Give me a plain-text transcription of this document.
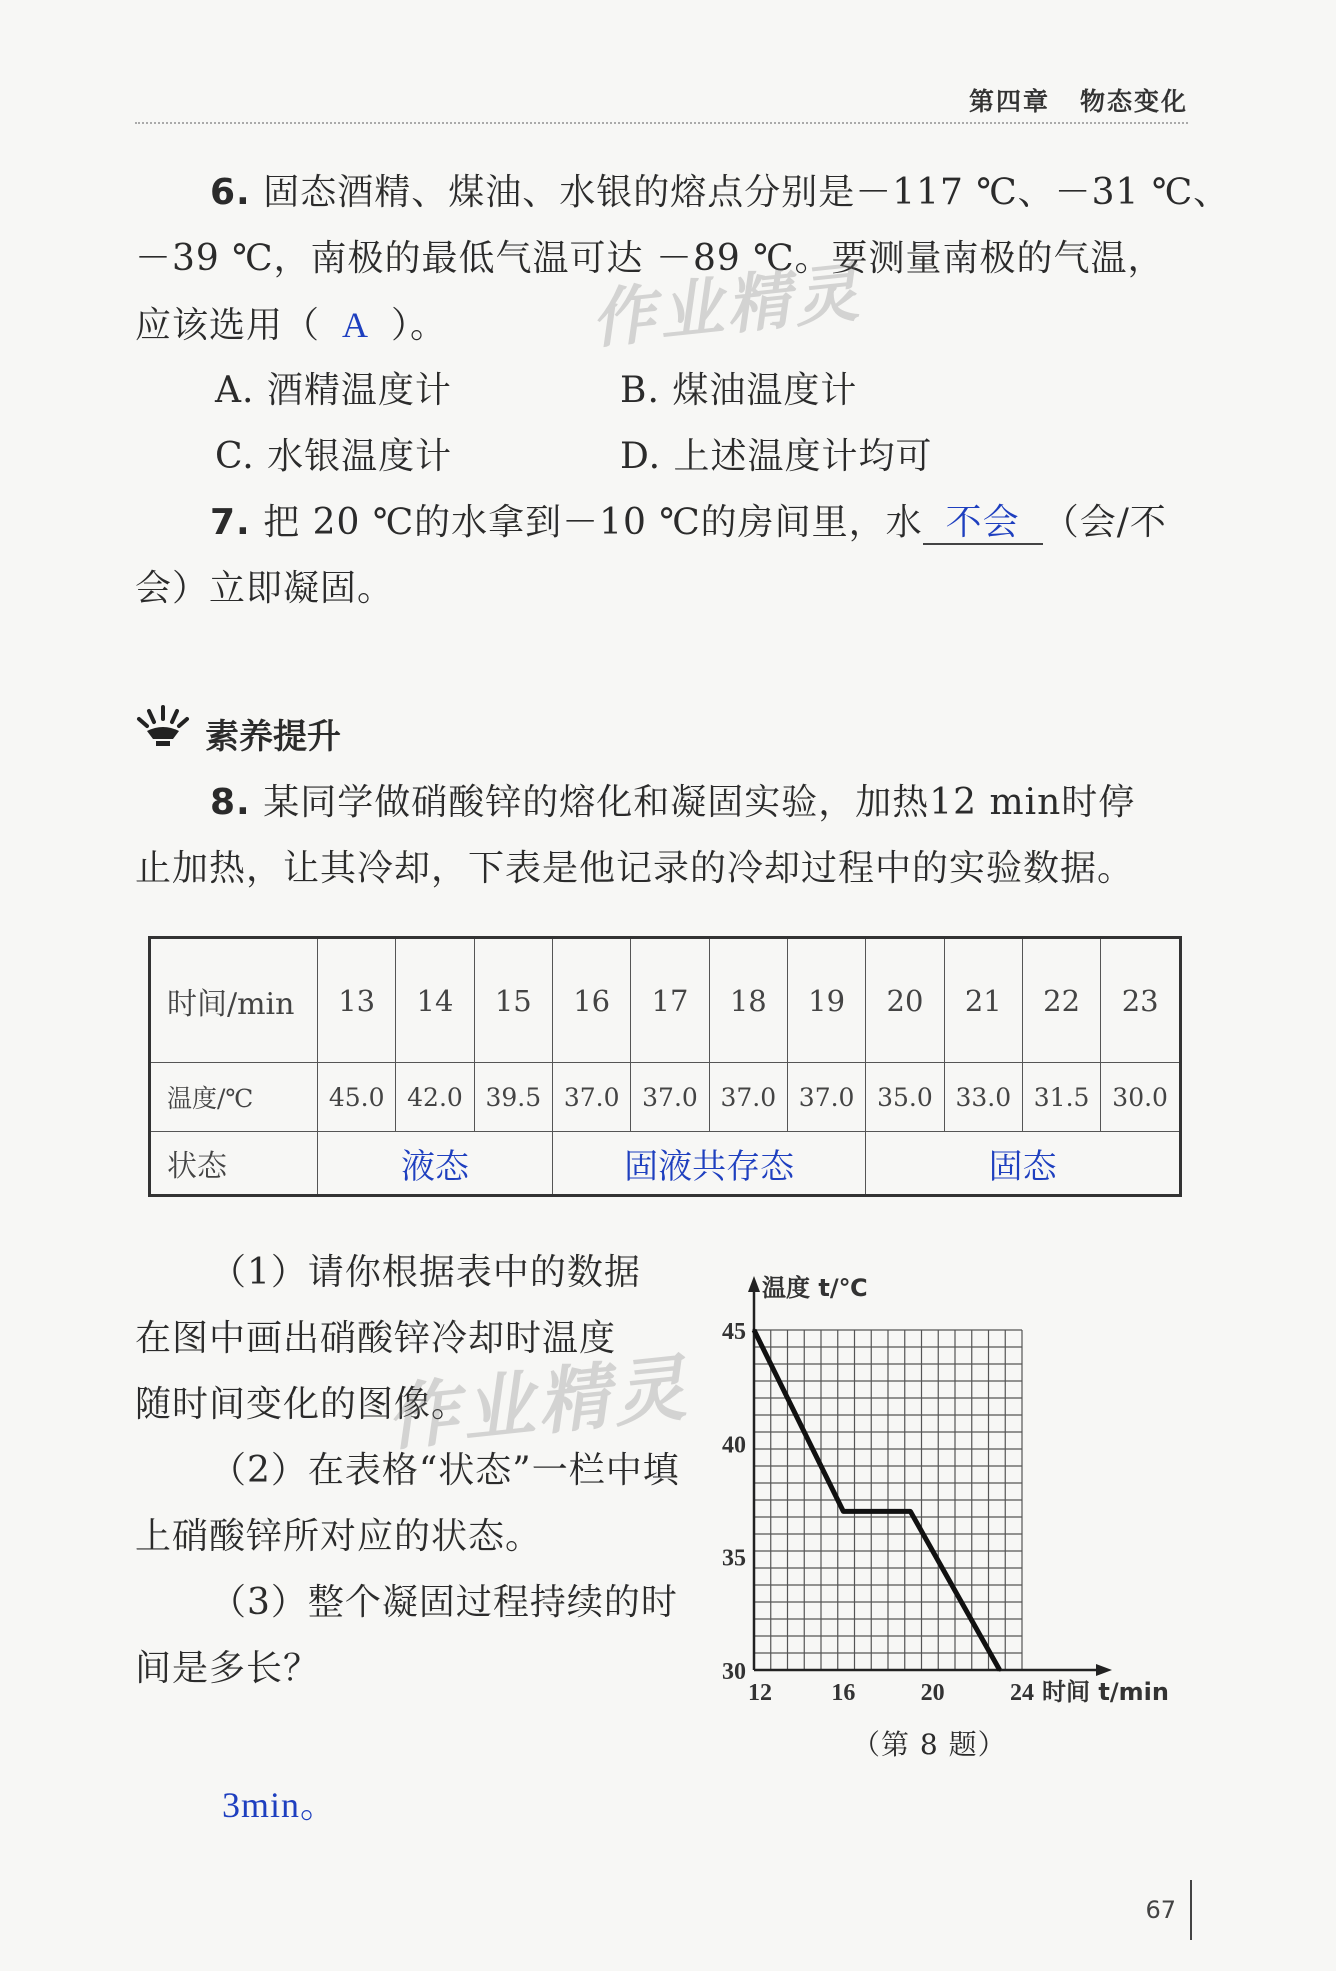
第四章 物态变化
6. 固态酒精、煤油、水银的熔点分别是－117 ℃、－31 ℃、
－39 ℃，南极的最低气温可达 －89 ℃。要测量南极的气温，
应该选用（ A ）。
A. 酒精温度计	B. 煤油温度计
C. 水银温度计	D. 上述温度计均可
7. 把 20 ℃的水拿到－10 ℃的房间里，水 不会 （会/不
会）立即凝固。
素养提升
8. 某同学做硝酸锌的熔化和凝固实验，加热12 min时停
止加热，让其冷却，下表是他记录的冷却过程中的实验数据。
时间/min	13	14	15	16	17	18	19	20	21	22	23
温度/℃	45.0	42.0	39.5	37.0	37.0	37.0	37.0	35.0	33.0	31.5	30.0
状态	液态			固液共存态				固态			
（1）请你根据表中的数据
在图中画出硝酸锌冷却时温度
随时间变化的图像。
（2）在表格“状态”一栏中填
上硝酸锌所对应的状态。
（3）整个凝固过程持续的时
间是多长？
3min。
30
35
40
45
12 16	20	24
温度 t/℃
时间 t/min
（第 8 题）
作业精灵
作业精灵
67
